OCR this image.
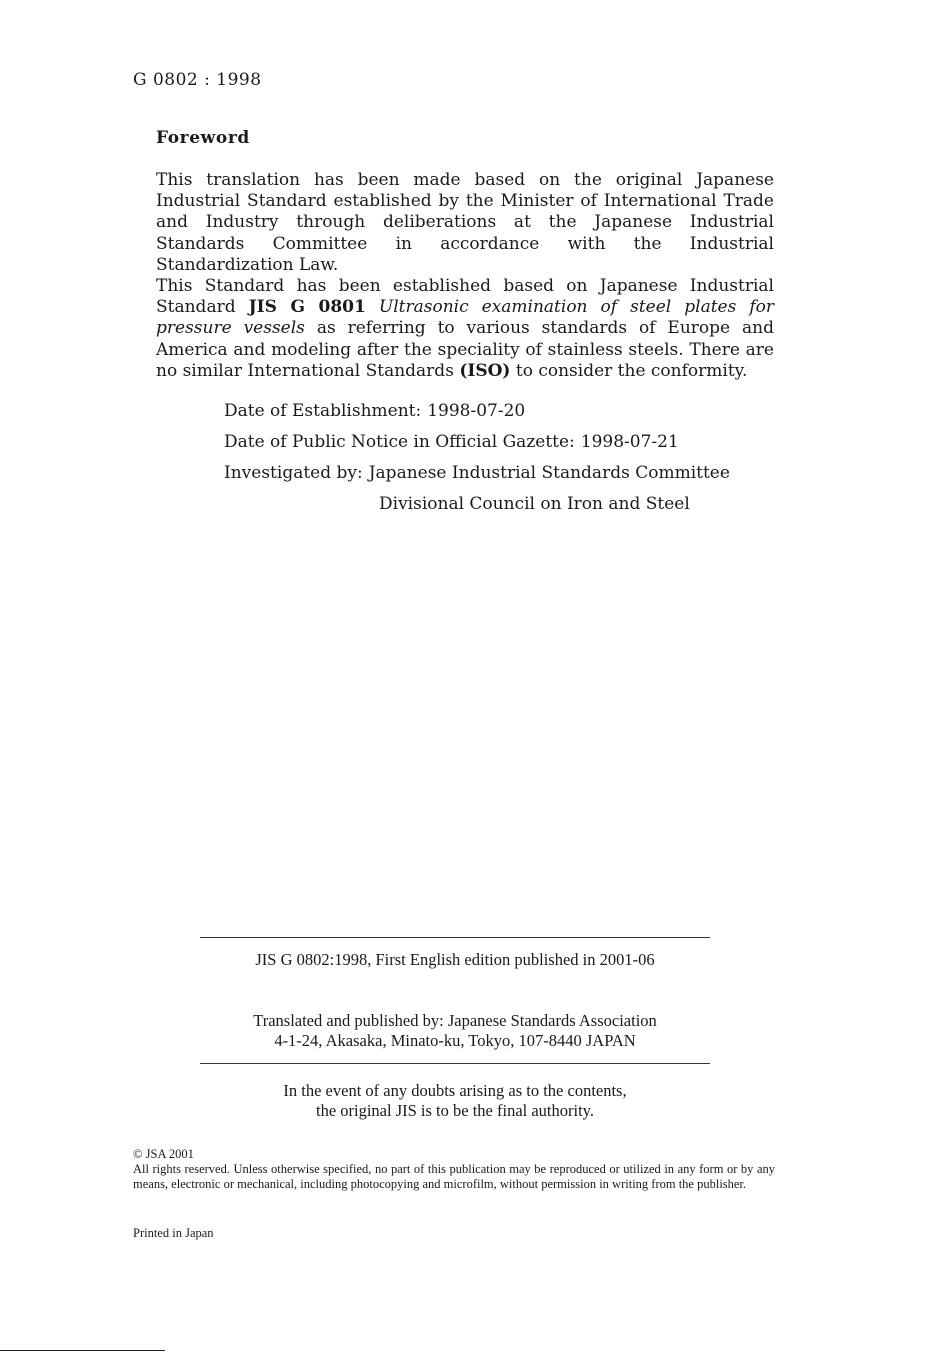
G 0802 : 1998
Foreword

This translation has been made based on the original Japanese Industrial Standard established by the Minister of International Trade and Industry through deliberations at the Japanese Industrial Standards Committee in accordance with the Industrial Standardization Law.

This Standard has been established based on Japanese Industrial Standard JIS G 0801 Ultrasonic examination of steel plates for pressure vessels as referring to various standards of Europe and America and modeling after the speciality of stainless steels. There are no similar International Standards (ISO) to consider the conformity.

Date of Establishment: 1998-07-20
Date of Public Notice in Official Gazette: 1998-07-21
Investigated by: Japanese Industrial Standards Committee
Divisional Council on Iron and Steel
JIS G 0802:1998, First English edition published in 2001-06
Translated and published by: Japanese Standards Association
4-1-24, Akasaka, Minato-ku, Tokyo, 107-8440 JAPAN
In the event of any doubts arising as to the contents,
the original JIS is to be the final authority.

© JSA 2001

All rights reserved. Unless otherwise specified, no part of this publication may be reproduced or utilized in any form or by any means, electronic or mechanical, including photocopying and microfilm, without permission in writing from the publisher.

Printed in Japan
